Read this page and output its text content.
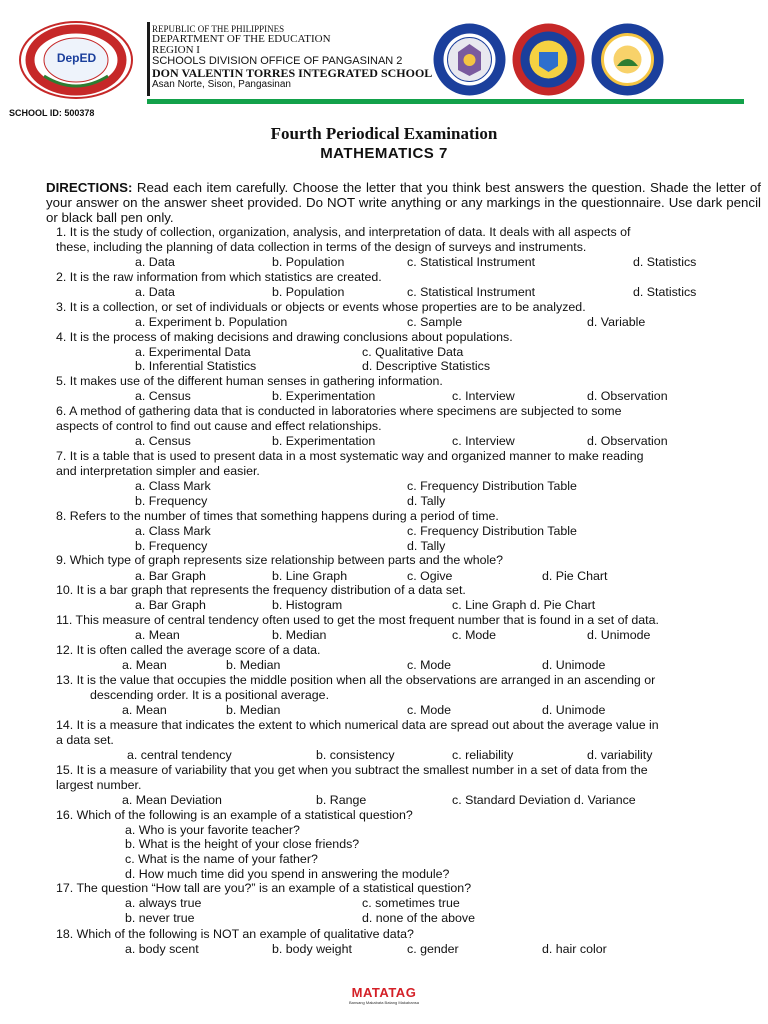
DepED
REPUBLIC OF THE PHILIPPINES
DEPARTMENT OF THE EDUCATION
REGION I
SCHOOLS DIVISION OFFICE OF PANGASINAN 2
DON VALENTIN TORRES INTEGRATED SCHOOL
Asan Norte, Sison, Pangasinan
SCHOOL ID: 500378
Fourth Periodical Examination
MATHEMATICS 7
DIRECTIONS: Read each item carefully. Choose the letter that you think best answers the question. Shade the letter of your answer on the answer sheet provided. Do NOT write anything or any markings in the questionnaire. Use dark pencil or black ball pen only.
1. It is the study of collection, organization, analysis, and interpretation of data. It deals with all aspects of
these, including the planning of data collection in terms of the design of surveys and instruments.
a. Data	b. Population	c. Statistical Instrument	d. Statistics
2. It is the raw information from which statistics are created.
a. Data	b. Population	c. Statistical Instrument	d. Statistics
3. It is a collection, or set of individuals or objects or events whose properties are to be analyzed.
a. Experiment b. Population	c. Sample	d. Variable
4. It is the process of making decisions and drawing conclusions about populations.
a. Experimental Data	c. Qualitative Data
b. Inferential Statistics	d. Descriptive Statistics
5. It makes use of the different human senses in gathering information.
a. Census	b. Experimentation	c. Interview	d. Observation
6. A method of gathering data that is conducted in laboratories where specimens are subjected to some
aspects of control to find out cause and effect relationships.
a. Census	b. Experimentation	c. Interview	d. Observation
7. It is a table that is used to present data in a most systematic way and organized manner to make reading
and interpretation simpler and easier.
a. Class Mark	c. Frequency Distribution Table
b. Frequency	d. Tally
8. Refers to the number of times that something happens during a period of time.
a. Class Mark	c. Frequency Distribution Table
b. Frequency	d. Tally
9. Which type of graph represents size relationship between parts and the whole?
a. Bar Graph	b. Line Graph	c. Ogive	d. Pie Chart
10. It is a bar graph that represents the frequency distribution of a data set.
a. Bar Graph	b. Histogram	c. Line Graph d. Pie Chart
11. This measure of central tendency often used to get the most frequent number that is found in a set of data.
a. Mean	b. Median	c. Mode	d. Unimode
12. It is often called the average score of a data.
a. Mean	b. Median	c. Mode	d. Unimode
13. It is the value that occupies the middle position when all the observations are arranged in an ascending or
descending order. It is a positional average.
a. Mean	b. Median	c. Mode	d. Unimode
14. It is a measure that indicates the extent to which numerical data are spread out about the average value in
a data set.
a. central tendency	b. consistency	c. reliability	d. variability
15. It is a measure of variability that you get when you subtract the smallest number in a set of data from the
largest number.
a. Mean Deviation	b. Range	c. Standard Deviation d. Variance
16. Which of the following is an example of a statistical question?
a. Who is your favorite teacher?
b. What is the height of your close friends?
c. What is the name of your father?
d. How much time did you spend in answering the module?
17. The question “How tall are you?” is an example of a statistical question?
a. always true	c. sometimes true
b. never true	d. none of the above
18. Which of the following is NOT an example of qualitative data?
a. body scent	b. body weight	c. gender	d. hair color
MATATAG
Bansang Makabata Batang Makabansa
